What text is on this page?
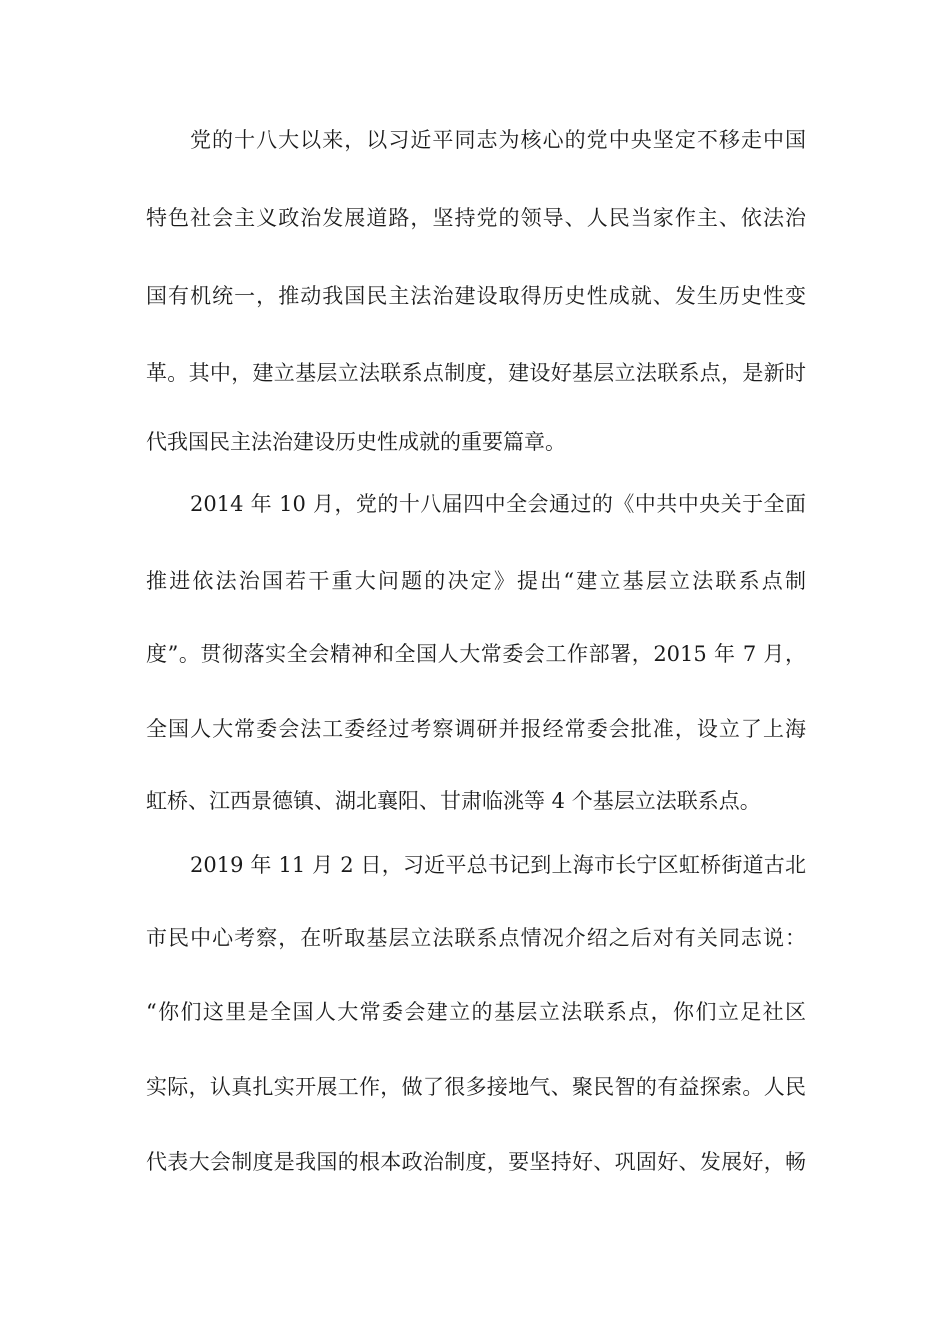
党的十八大以来，以习近平同志为核心的党中央坚定不移走中国
特色社会主义政治发展道路，坚持党的领导、人民当家作主、依法治
国有机统一，推动我国民主法治建设取得历史性成就、发生历史性变
革。其中，建立基层立法联系点制度，建设好基层立法联系点，是新时
代我国民主法治建设历史性成就的重要篇章。
2014 年 10 月，党的十八届四中全会通过的《中共中央关于全面
推进依法治国若干重大问题的决定》提出“建立基层立法联系点制
度”。贯彻落实全会精神和全国人大常委会工作部署，2015 年 7 月，
全国人大常委会法工委经过考察调研并报经常委会批准，设立了上海
虹桥、江西景德镇、湖北襄阳、甘肃临洮等 4 个基层立法联系点。
2019 年 11 月 2 日，习近平总书记到上海市长宁区虹桥街道古北
市民中心考察，在听取基层立法联系点情况介绍之后对有关同志说：
“你们这里是全国人大常委会建立的基层立法联系点，你们立足社区
实际，认真扎实开展工作，做了很多接地气、聚民智的有益探索。人民
代表大会制度是我国的根本政治制度，要坚持好、巩固好、发展好，畅
